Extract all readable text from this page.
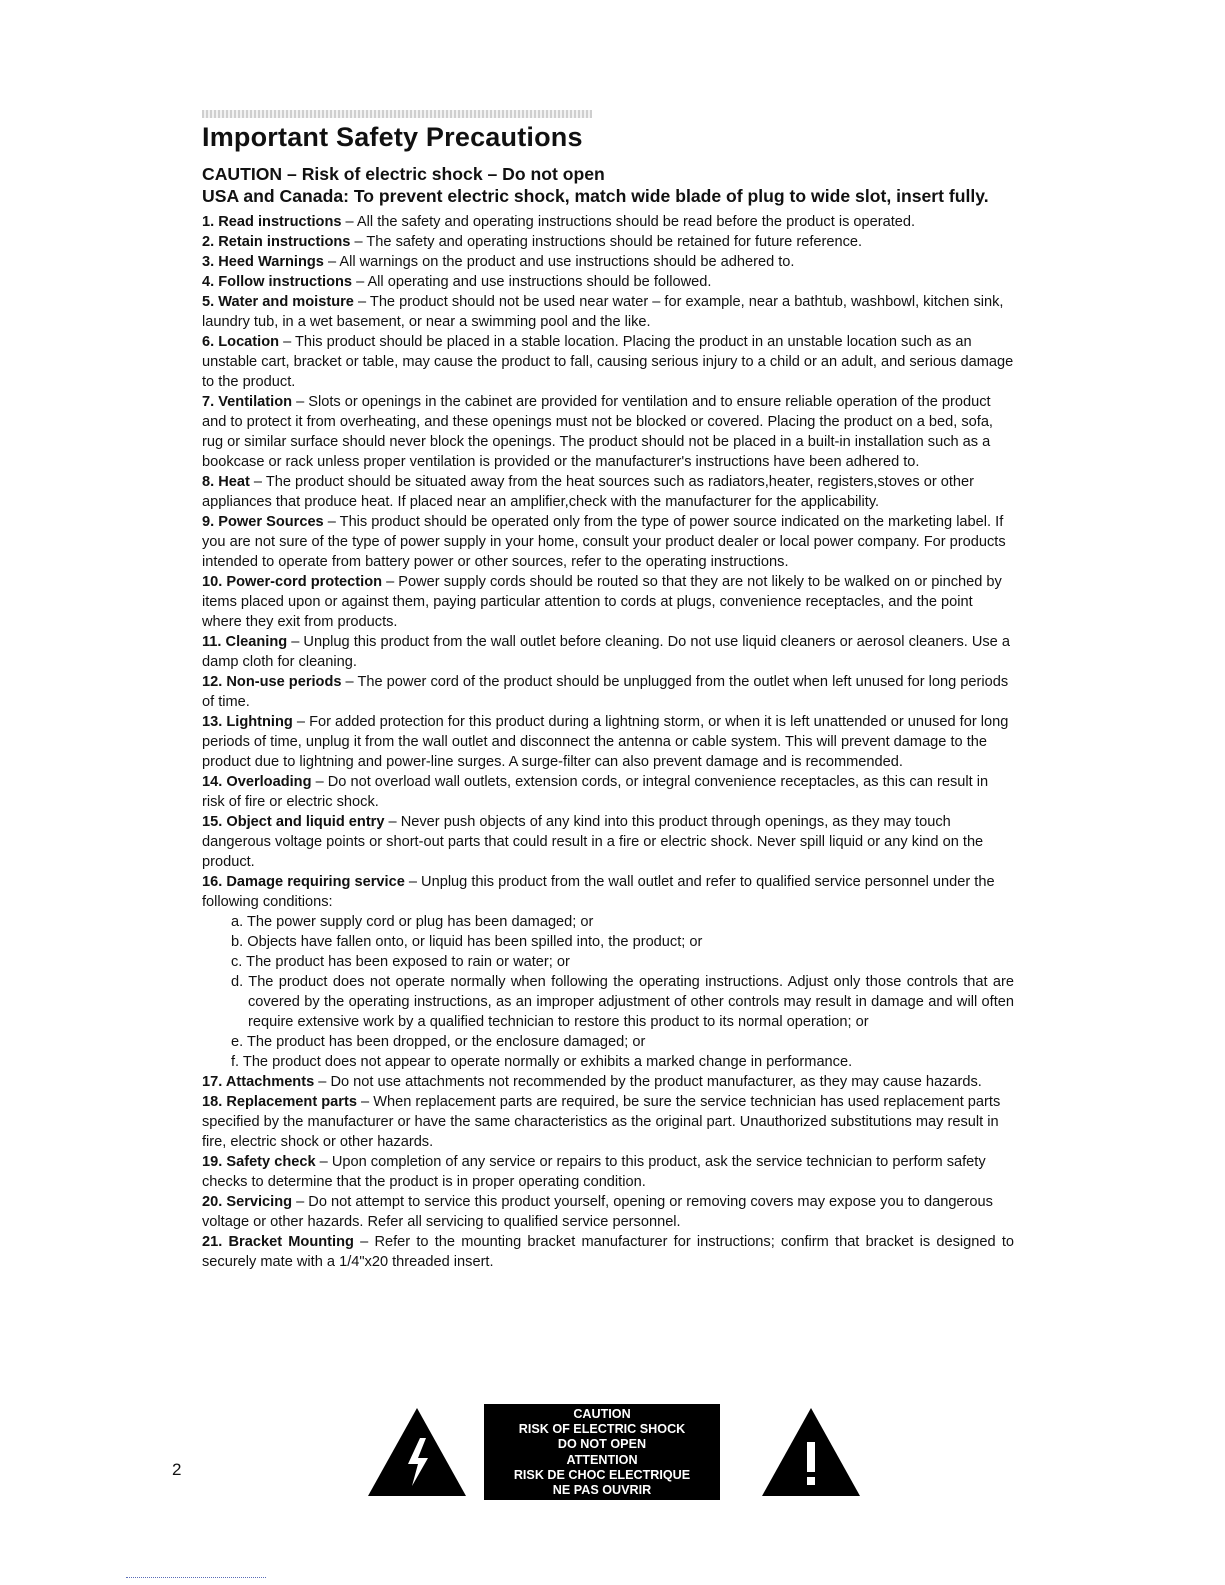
Important Safety Precautions

CAUTION – Risk of electric shock – Do not open

USA and Canada: To prevent electric shock, match wide blade of plug to wide slot, insert fully.

1. Read instructions – All the safety and operating instructions should be read before the product is operated.

2. Retain instructions – The safety and operating instructions should be retained for future reference.

3. Heed Warnings – All warnings on the product and use instructions should be adhered to.

4. Follow instructions – All operating and use instructions should be followed.

5. Water and moisture – The product should not be used near water – for example, near a bathtub, washbowl, kitchen sink, laundry tub, in a wet basement, or near a swimming pool and the like.

6. Location – This product should be placed in a stable location. Placing the product in an unstable location such as an unstable cart, bracket or table, may cause the product to fall, causing serious injury to a child or an adult, and serious damage to the product.

7. Ventilation – Slots or openings in the cabinet are provided for ventilation and to ensure reliable operation of the product and to protect it from overheating, and these openings must not be blocked or covered. Placing the product on a bed, sofa, rug or similar surface should never block the openings. The product should not be placed in a built-in installation such as a bookcase or rack unless proper ventilation is provided or the manufacturer's instructions have been adhered to.

8. Heat – The product should be situated away from the heat sources such as radiators,heater, registers,stoves or other appliances that produce heat. If placed near an amplifier,check with the manufacturer for the applicability.

9. Power Sources – This product should be operated only from the type of power source indicated on the marketing label. If you are not sure of the type of power supply in your home, consult your product dealer or local power company. For products intended to operate from battery power or other sources, refer to the operating instructions.

10. Power-cord protection – Power supply cords should be routed so that they are not likely to be walked on or pinched by items placed upon or against them, paying particular attention to cords at plugs, convenience receptacles, and the point where they exit from products.

11. Cleaning – Unplug this product from the wall outlet before cleaning. Do not use liquid cleaners or aerosol cleaners. Use a damp cloth for cleaning.

12. Non-use periods – The power cord of the product should be unplugged from the outlet when left unused for long periods of time.

13. Lightning – For added protection for this product during a lightning storm, or when it is left unattended or unused for long periods of time, unplug it from the wall outlet and disconnect the antenna or cable system. This will prevent damage to the product due to lightning and power-line surges. A surge-filter can also prevent damage and is recommended.

14. Overloading – Do not overload wall outlets, extension cords, or integral convenience receptacles, as this can result in risk of fire or electric shock.

15. Object and liquid entry – Never push objects of any kind into this product through openings, as they may touch

dangerous voltage points or short-out parts that could result in a fire or electric shock. Never spill liquid or any kind on the product.

16. Damage requiring service – Unplug this product from the wall outlet and refer to qualified service personnel under the following conditions:

a. The power supply cord or plug has been damaged; or

b. Objects have fallen onto, or liquid has been spilled into, the product; or

c. The product has been exposed to rain or water; or

d. The product does not operate normally when following the operating instructions. Adjust only those controls that are covered by the operating instructions, as an improper adjustment of other controls may result in damage and will often require extensive work by a qualified technician to restore this product to its normal operation; or

e. The product has been dropped, or the enclosure damaged; or

f. The product does not appear to operate normally or exhibits a marked change in performance.

17. Attachments – Do not use attachments not recommended by the product manufacturer, as they may cause hazards.

18. Replacement parts – When replacement parts are required, be sure the service technician has used replacement parts specified by the manufacturer or have the same characteristics as the original part. Unauthorized substitutions may result in fire, electric shock or other hazards.

19. Safety check – Upon completion of any service or repairs to this product, ask the service technician to perform safety checks to determine that the product is in proper operating condition.

20. Servicing – Do not attempt to service this product yourself, opening or removing covers may expose you to dangerous voltage or other hazards. Refer all servicing to qualified service personnel.

21. Bracket Mounting – Refer to the mounting bracket manufacturer for instructions; confirm that bracket is designed to securely mate with a 1/4"x20 threaded insert.

2
CAUTION
RISK OF ELECTRIC SHOCK
DO NOT OPEN
ATTENTION
RISK DE CHOC ELECTRIQUE
NE PAS OUVRIR
